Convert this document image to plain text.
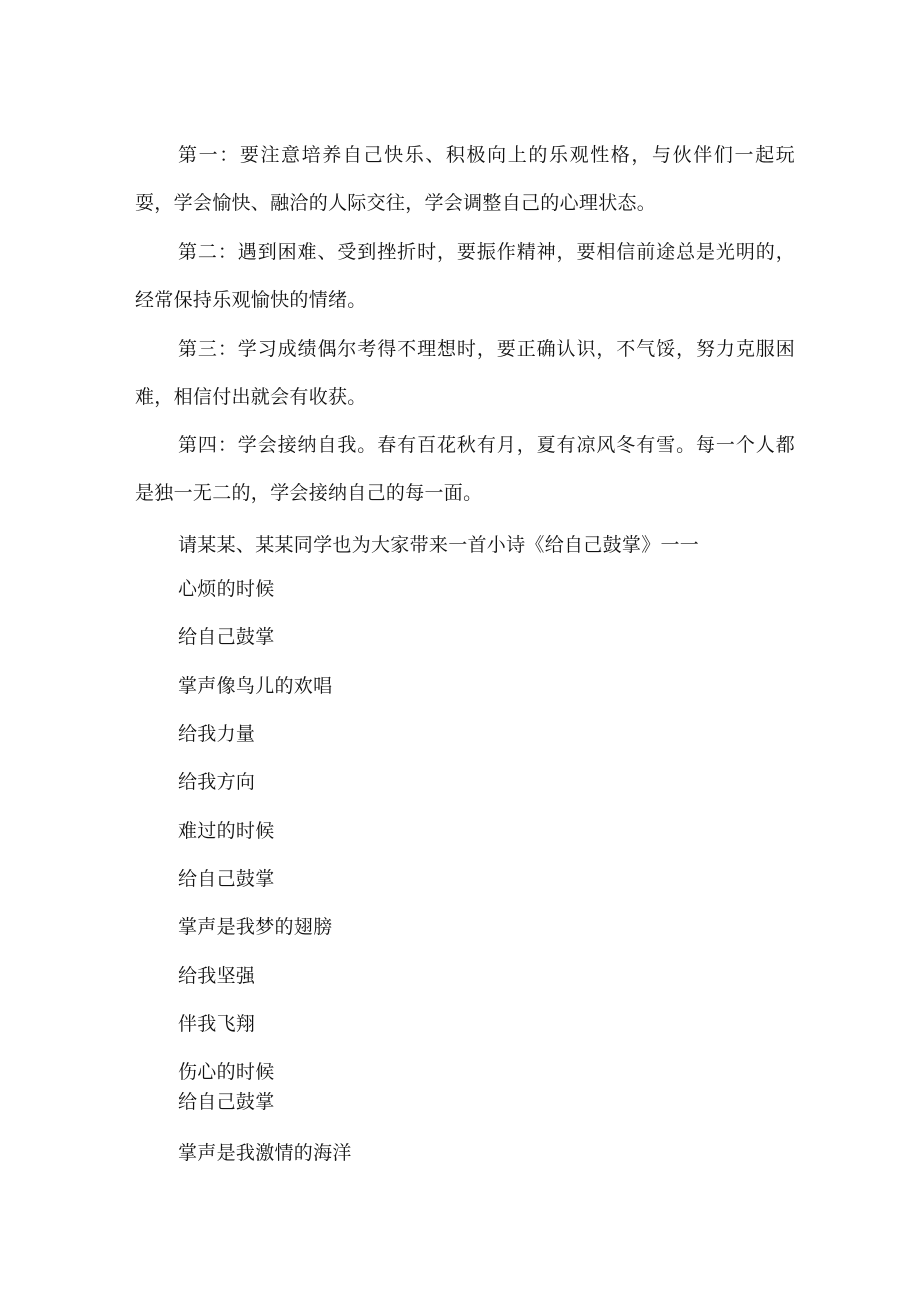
第一：要注意培养自己快乐、积极向上的乐观性格，与伙伴们一起玩耍，学会愉快、融洽的人际交往，学会调整自己的心理状态。

第二：遇到困难、受到挫折时，要振作精神，要相信前途总是光明的，经常保持乐观愉快的情绪。

第三：学习成绩偶尔考得不理想时，要正确认识，不气馁，努力克服困难，相信付出就会有收获。

第四：学会接纳自我。春有百花秋有月，夏有凉风冬有雪。每一个人都是独一无二的，学会接纳自己的每一面。

请某某、某某同学也为大家带来一首小诗《给自己鼓掌》一一

心烦的时候

给自己鼓掌

掌声像鸟儿的欢唱

给我力量

给我方向

难过的时候

给自己鼓掌

掌声是我梦的翅膀

给我坚强

伴我飞翔

伤心的时候

给自己鼓掌

掌声是我激情的海洋
